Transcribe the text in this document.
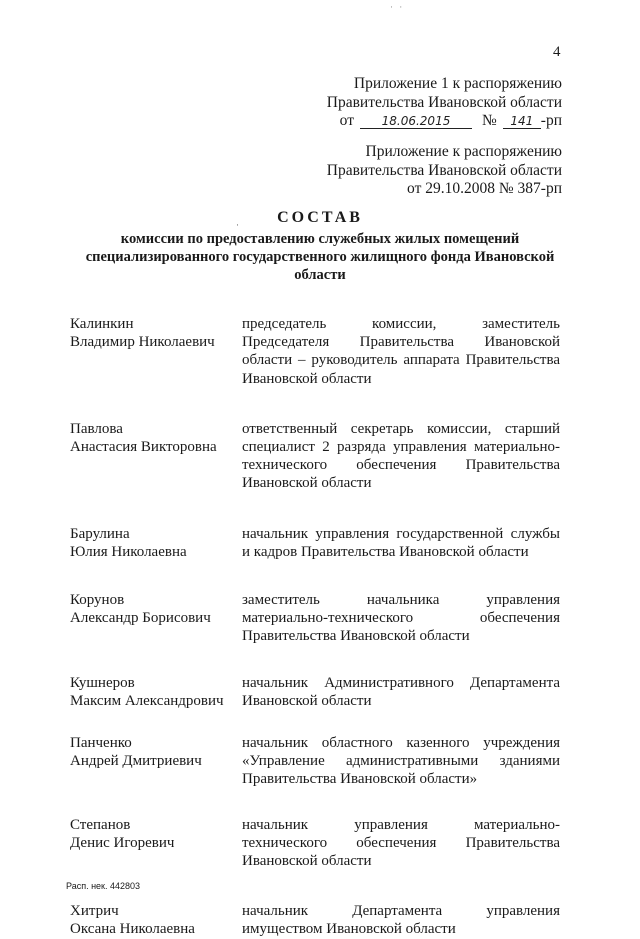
· ·
4
Приложение 1 к распоряжению
Правительства Ивановской области
от 18.06.2015 № 141 -рп
Приложение к распоряжению
Правительства Ивановской области
от 29.10.2008 № 387-рп
·	СОСТАВ
комиссии по предоставлению служебных жилых помещений специализированного государственного жилищного фонда Ивановской области
Калинкин
Владимир Николаевич
председатель комиссии, заместитель Председателя Правительства Ивановской области – руководитель аппарата Правительства Ивановской области
Павлова
Анастасия Викторовна
ответственный секретарь комиссии, старший специалист 2 разряда управления материально-технического обеспечения Правительства Ивановской области
Барулина
Юлия Николаевна
начальник управления государственной службы и кадров Правительства Ивановской области
Корунов
Александр Борисович
заместитель начальника управления материально-технического обеспечения Правительства Ивановской области
Кушнеров
Максим Александрович
начальник Административного Департамента Ивановской области
Панченко
Андрей Дмитриевич
начальник областного казенного учреждения «Управление административными зданиями Правительства Ивановской области»
Степанов
Денис Игоревич
начальник управления материально-технического обеспечения Правительства Ивановской области
Хитрич
Оксана Николаевна
начальник Департамента управления имуществом Ивановской области
Расп. нек. 442803
